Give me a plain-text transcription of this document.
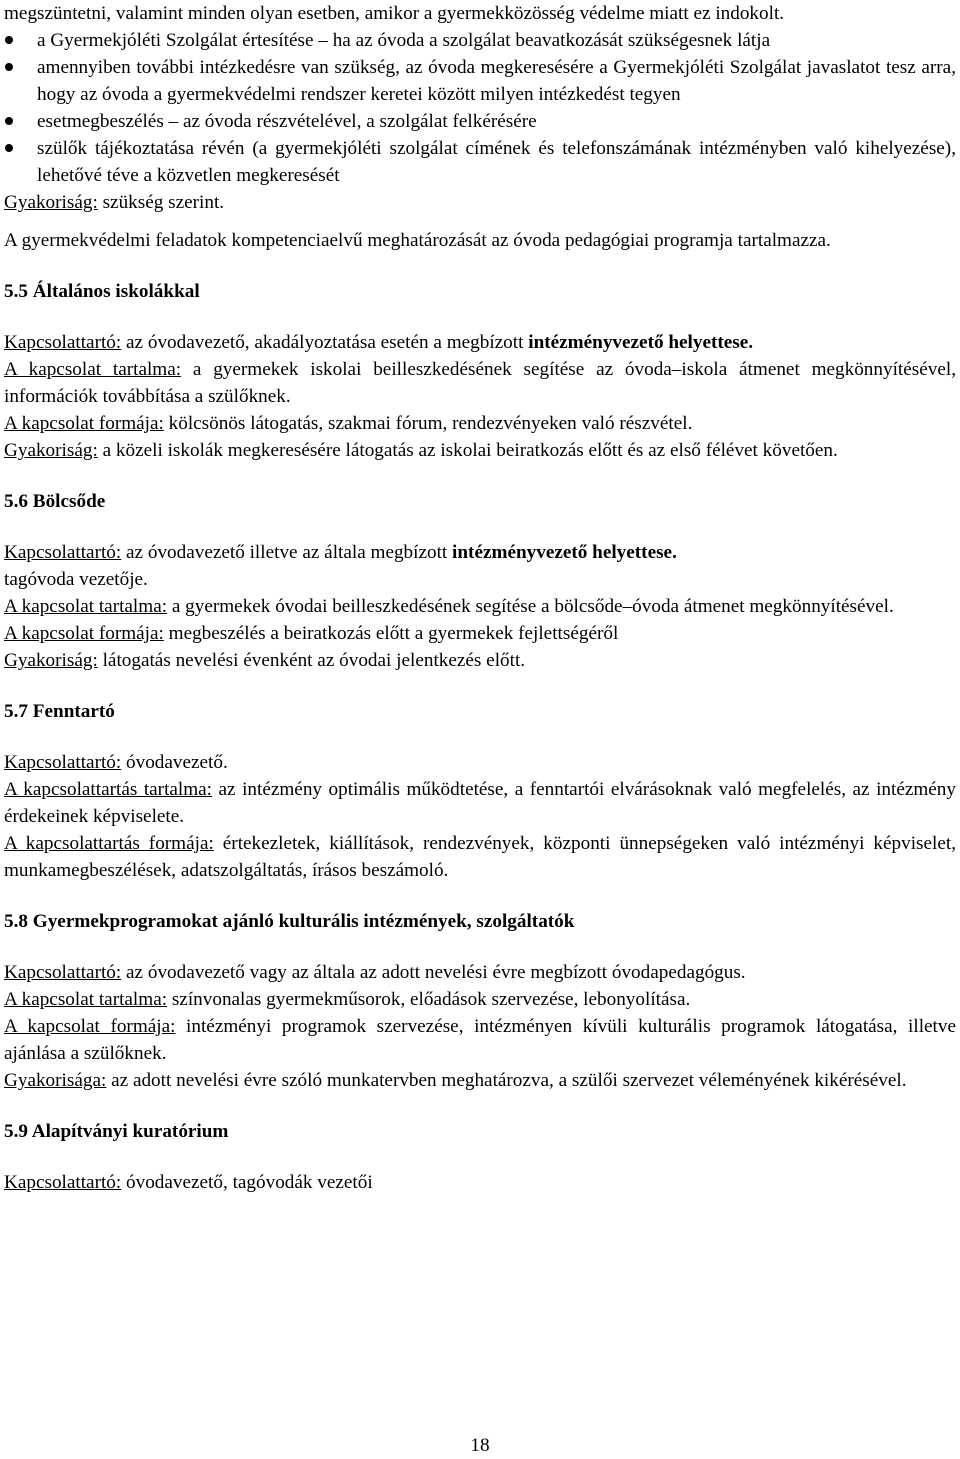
megszüntetni, valamint minden olyan esetben, amikor a gyermekközösség védelme miatt ez indokolt.

a Gyermekjóléti Szolgálat értesítése – ha az óvoda a szolgálat beavatkozását szükségesnek látja
amennyiben további intézkedésre van szükség, az óvoda megkeresésére a Gyermekjóléti Szolgálat javaslatot tesz arra, hogy az óvoda a gyermekvédelmi rendszer keretei között milyen intézkedést tegyen
esetmegbeszélés – az óvoda részvételével, a szolgálat felkérésére
szülők tájékoztatása révén (a gyermekjóléti szolgálat címének és telefonszámának intézményben való kihelyezése), lehetővé téve a közvetlen megkeresését

Gyakoriság: szükség szerint.

A gyermekvédelmi feladatok kompetenciaelvű meghatározását az óvoda pedagógiai programja tartalmazza.

5.5 Általános iskolákkal

Kapcsolattartó: az óvodavezető, akadályoztatása esetén a megbízott intézményvezető helyettese.

A kapcsolat tartalma: a gyermekek iskolai beilleszkedésének segítése az óvoda–iskola átmenet megkönnyítésével, információk továbbítása a szülőknek.

A kapcsolat formája: kölcsönös látogatás, szakmai fórum, rendezvényeken való részvétel.

Gyakoriság: a közeli iskolák megkeresésére látogatás az iskolai beiratkozás előtt és az első félévet követően.

5.6 Bölcsőde

Kapcsolattartó: az óvodavezető illetve az általa megbízott intézményvezető helyettese.

tagóvoda vezetője.

A kapcsolat tartalma: a gyermekek óvodai beilleszkedésének segítése a bölcsőde–óvoda átmenet megkönnyítésével.

A kapcsolat formája: megbeszélés a beiratkozás előtt a gyermekek fejlettségéről

Gyakoriság: látogatás nevelési évenként az óvodai jelentkezés előtt.

5.7 Fenntartó

Kapcsolattartó: óvodavezető.

A kapcsolattartás tartalma: az intézmény optimális működtetése, a fenntartói elvárásoknak való megfelelés, az intézmény érdekeinek képviselete.

A kapcsolattartás formája: értekezletek, kiállítások, rendezvények, központi ünnepségeken való intézményi képviselet, munkamegbeszélések, adatszolgáltatás, írásos beszámoló.

5.8 Gyermekprogramokat ajánló kulturális intézmények, szolgáltatók

Kapcsolattartó: az óvodavezető vagy az általa az adott nevelési évre megbízott óvodapedagógus.

A kapcsolat tartalma: színvonalas gyermekműsorok, előadások szervezése, lebonyolítása.

A kapcsolat formája: intézményi programok szervezése, intézményen kívüli kulturális programok látogatása, illetve ajánlása a szülőknek.

Gyakorisága: az adott nevelési évre szóló munkatervben meghatározva, a szülői szervezet véleményének kikérésével.

5.9 Alapítványi kuratórium

Kapcsolattartó: óvodavezető, tagóvodák vezetői

18
